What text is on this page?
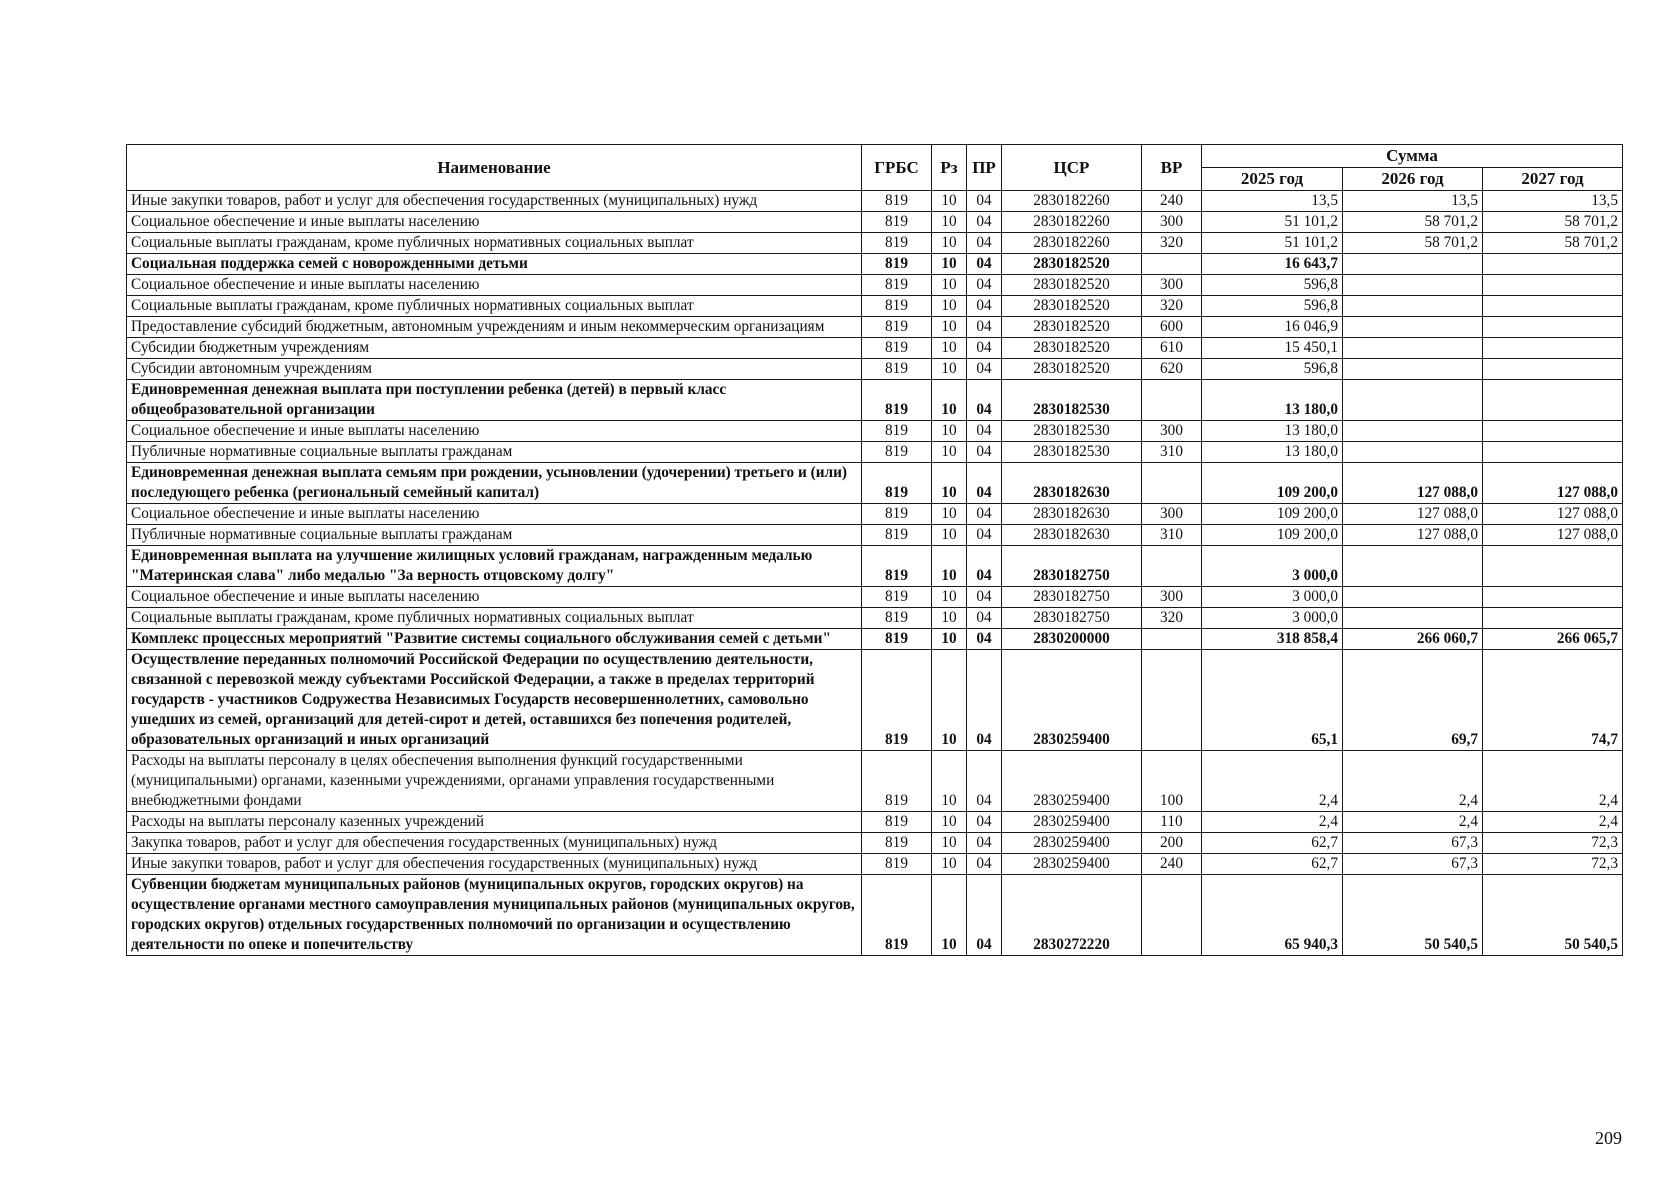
Наименование	ГРБС	Рз	ПР	ЦСР	ВР	Сумма		
						2025 год	2026 год	2027 год
Иные закупки товаров, работ и услуг для обеспечения государственных (муниципальных) нужд	819	10	04	2830182260	240	13,5	13,5	13,5
Социальное обеспечение и иные выплаты населению	819	10	04	2830182260	300	51 101,2	58 701,2	58 701,2
Социальные выплаты гражданам, кроме публичных нормативных социальных выплат	819	10	04	2830182260	320	51 101,2	58 701,2	58 701,2
Социальная поддержка семей с новорожденными детьми	819	10	04	2830182520		16 643,7		
Социальное обеспечение и иные выплаты населению	819	10	04	2830182520	300	596,8		
Социальные выплаты гражданам, кроме публичных нормативных социальных выплат	819	10	04	2830182520	320	596,8		
Предоставление субсидий бюджетным, автономным учреждениям и иным некоммерческим организациям	819	10	04	2830182520	600	16 046,9		
Субсидии бюджетным учреждениям	819	10	04	2830182520	610	15 450,1		
Субсидии автономным учреждениям	819	10	04	2830182520	620	596,8		
Единовременная денежная выплата при поступлении ребенка (детей) в первый класс общеобразовательной организации	819	10	04	2830182530		13 180,0		
Социальное обеспечение и иные выплаты населению	819	10	04	2830182530	300	13 180,0		
Публичные нормативные социальные выплаты гражданам	819	10	04	2830182530	310	13 180,0		
Единовременная денежная выплата семьям при рождении, усыновлении (удочерении) третьего и (или) последующего ребенка (региональный семейный капитал)	819	10	04	2830182630		109 200,0	127 088,0	127 088,0
Социальное обеспечение и иные выплаты населению	819	10	04	2830182630	300	109 200,0	127 088,0	127 088,0
Публичные нормативные социальные выплаты гражданам	819	10	04	2830182630	310	109 200,0	127 088,0	127 088,0
Единовременная выплата на улучшение жилищных условий гражданам, награжденным медалью "Материнская слава" либо медалью "За верность отцовскому долгу"	819	10	04	2830182750		3 000,0		
Социальное обеспечение и иные выплаты населению	819	10	04	2830182750	300	3 000,0		
Социальные выплаты гражданам, кроме публичных нормативных социальных выплат	819	10	04	2830182750	320	3 000,0		
Комплекс процессных мероприятий "Развитие системы социального обслуживания семей с детьми"	819	10	04	2830200000		318 858,4	266 060,7	266 065,7
Осуществление переданных полномочий Российской Федерации по осуществлению деятельности, связанной с перевозкой между субъектами Российской Федерации, а также в пределах территорий государств - участников Содружества Независимых Государств несовершеннолетних, самовольно ушедших из семей, организаций для детей-сирот и детей, оставшихся без попечения родителей, образовательных организаций и иных организаций	819	10	04	2830259400		65,1	69,7	74,7
Расходы на выплаты персоналу в целях обеспечения выполнения функций государственными (муниципальными) органами, казенными учреждениями, органами управления государственными внебюджетными фондами	819	10	04	2830259400	100	2,4	2,4	2,4
Расходы на выплаты персоналу казенных учреждений	819	10	04	2830259400	110	2,4	2,4	2,4
Закупка товаров, работ и услуг для обеспечения государственных (муниципальных) нужд	819	10	04	2830259400	200	62,7	67,3	72,3
Иные закупки товаров, работ и услуг для обеспечения государственных (муниципальных) нужд	819	10	04	2830259400	240	62,7	67,3	72,3
Субвенции бюджетам муниципальных районов (муниципальных округов, городских округов) на осуществление органами местного самоуправления муниципальных районов (муниципальных округов, городских округов) отдельных государственных полномочий по организации и осуществлению деятельности по опеке и попечительству	819	10	04	2830272220		65 940,3	50 540,5	50 540,5
209
